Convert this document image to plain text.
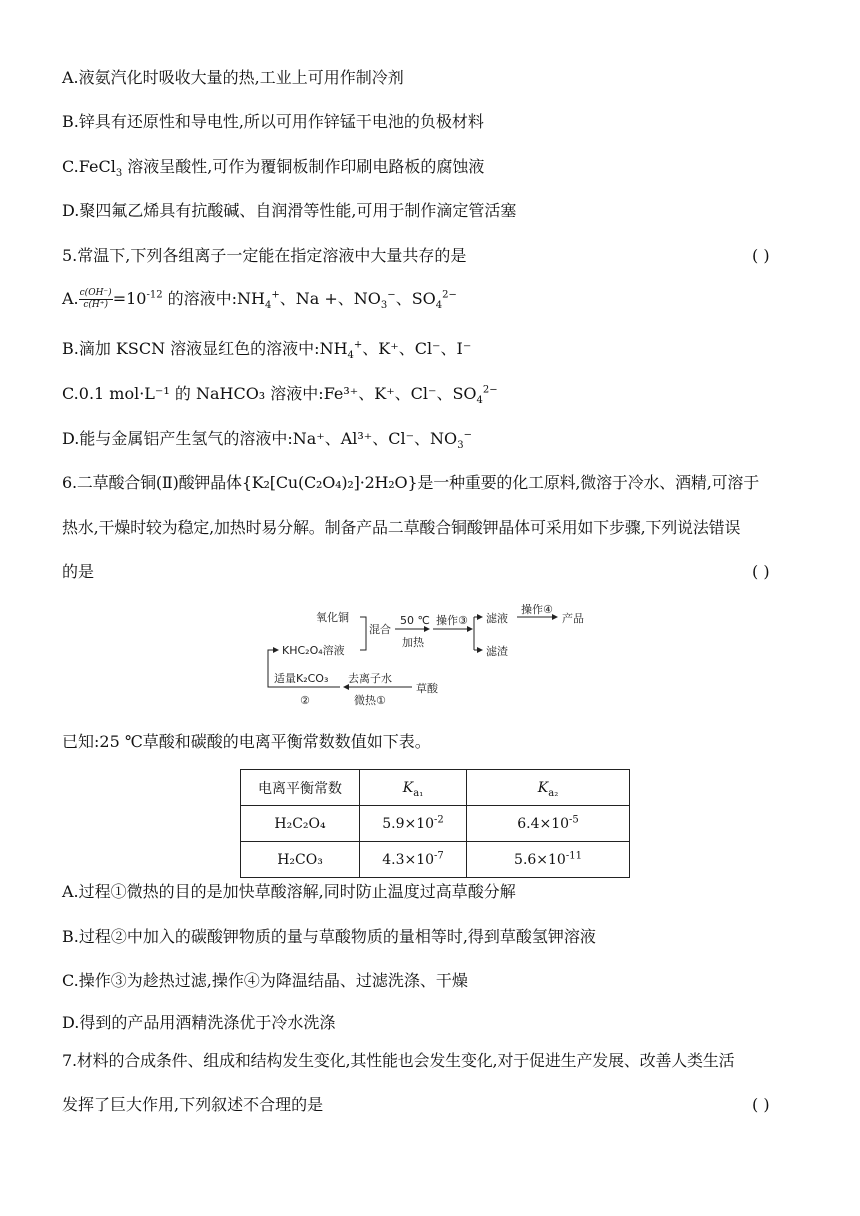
A.液氨汽化时吸收大量的热,工业上可用作制冷剂
B.锌具有还原性和导电性,所以可用作锌锰干电池的负极材料
C.FeCl$_3$ 溶液呈酸性,可作为覆铜板制作印刷电路板的腐蚀液
D.聚四氟乙烯具有抗酸碱、自润滑等性能,可用于制作滴定管活塞
5.常温下,下列各组离子一定能在指定溶液中大量共存的是	( )
A. $\frac{c(OH^-)}{c(H^+)} =10^{-12}$ 的溶液中$:NH_4^+$、Na +、$NO_3^-$、$SO_4^{2-}$
B.滴加 KSCN 溶液显红色的溶液中$:NH_4^+$、K⁺、Cl⁻、I⁻
C.0.1 mol·L⁻¹ 的 NaHCO₃ 溶液中:Fe³⁺、K⁺、Cl⁻、$SO_4^{2-}$
D.能与金属铝产生氢气的溶液中:Na⁺、Al³⁺、Cl⁻、$NO_3^-$
6.二草酸合铜(Ⅱ)酸钾晶体{K₂[Cu(C₂O₄)₂]·2H₂O}是一种重要的化工原料,微溶于冷水、酒精,可溶于
热水,干燥时较为稳定,加热时易分解。制备产品二草酸合铜酸钾晶体可采用如下步骤,下列说法错误
的是	( )
氧化铜
KHC₂O₄溶液
混合
50 ℃
加热
操作③ 滤液
操作④
产品
滤渣
适量K₂CO₃
②
去离子水
微热①
草酸
已知:25 ℃草酸和碳酸的电离平衡常数数值如下表。
电离平衡常数	$K_{a_1}$	$K_{a_2}$
H₂C₂O₄	$5.9\times 10^{-2}$	$6.4\times 10^{-5}$
H₂CO₃	$4.3\times 10^{-7}$	$5.6\times 10^{-11}$
A.过程①微热的目的是加快草酸溶解,同时防止温度过高草酸分解
B.过程②中加入的碳酸钾物质的量与草酸物质的量相等时,得到草酸氢钾溶液
C.操作③为趁热过滤,操作④为降温结晶、过滤洗涤、干燥
D.得到的产品用酒精洗涤优于冷水洗涤
7.材料的合成条件、组成和结构发生变化,其性能也会发生变化,对于促进生产发展、改善人类生活
发挥了巨大作用,下列叙述不合理的是	( )
